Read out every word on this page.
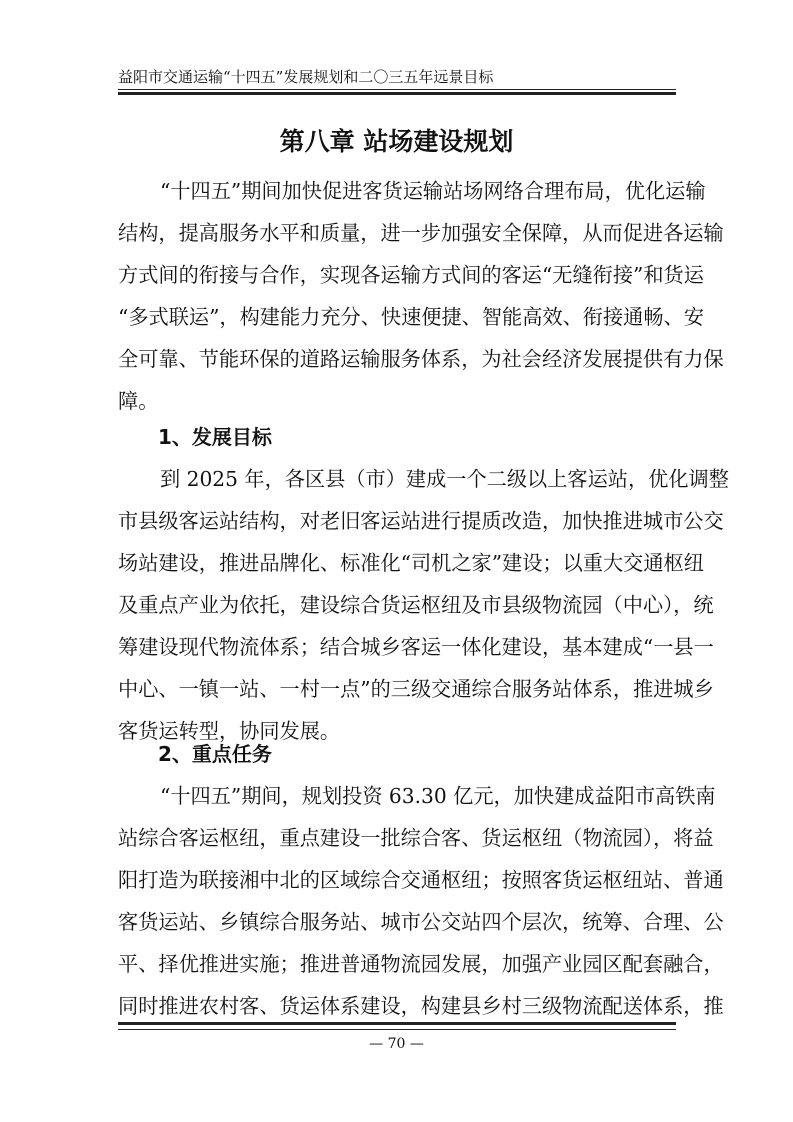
益阳市交通运输“十四五”发展规划和二〇三五年远景目标
第八章 站场建设规划

“十四五”期间加快促进客货运输站场网络合理布局，优化运输
结构，提高服务水平和质量，进一步加强安全保障，从而促进各运输
方式间的衔接与合作，实现各运输方式间的客运“无缝衔接”和货运
“多式联运”，构建能力充分、快速便捷、智能高效、衔接通畅、安
全可靠、节能环保的道路运输服务体系，为社会经济发展提供有力保
障。

1、发展目标

到 2025 年，各区县（市）建成一个二级以上客运站，优化调整
市县级客运站结构，对老旧客运站进行提质改造，加快推进城市公交
场站建设，推进品牌化、标准化“司机之家”建设；以重大交通枢纽
及重点产业为依托，建设综合货运枢纽及市县级物流园（中心），统
筹建设现代物流体系；结合城乡客运一体化建设，基本建成“一县一
中心、一镇一站、一村一点”的三级交通综合服务站体系，推进城乡
客货运转型，协同发展。

2、重点任务

“十四五”期间，规划投资 63.30 亿元，加快建成益阳市高铁南
站综合客运枢纽，重点建设一批综合客、货运枢纽（物流园），将益
阳打造为联接湘中北的区域综合交通枢纽；按照客货运枢纽站、普通
客货运站、乡镇综合服务站、城市公交站四个层次，统筹、合理、公
平、择优推进实施；推进普通物流园发展，加强产业园区配套融合，
同时推进农村客、货运体系建设，构建县乡村三级物流配送体系，推

— 70 —
